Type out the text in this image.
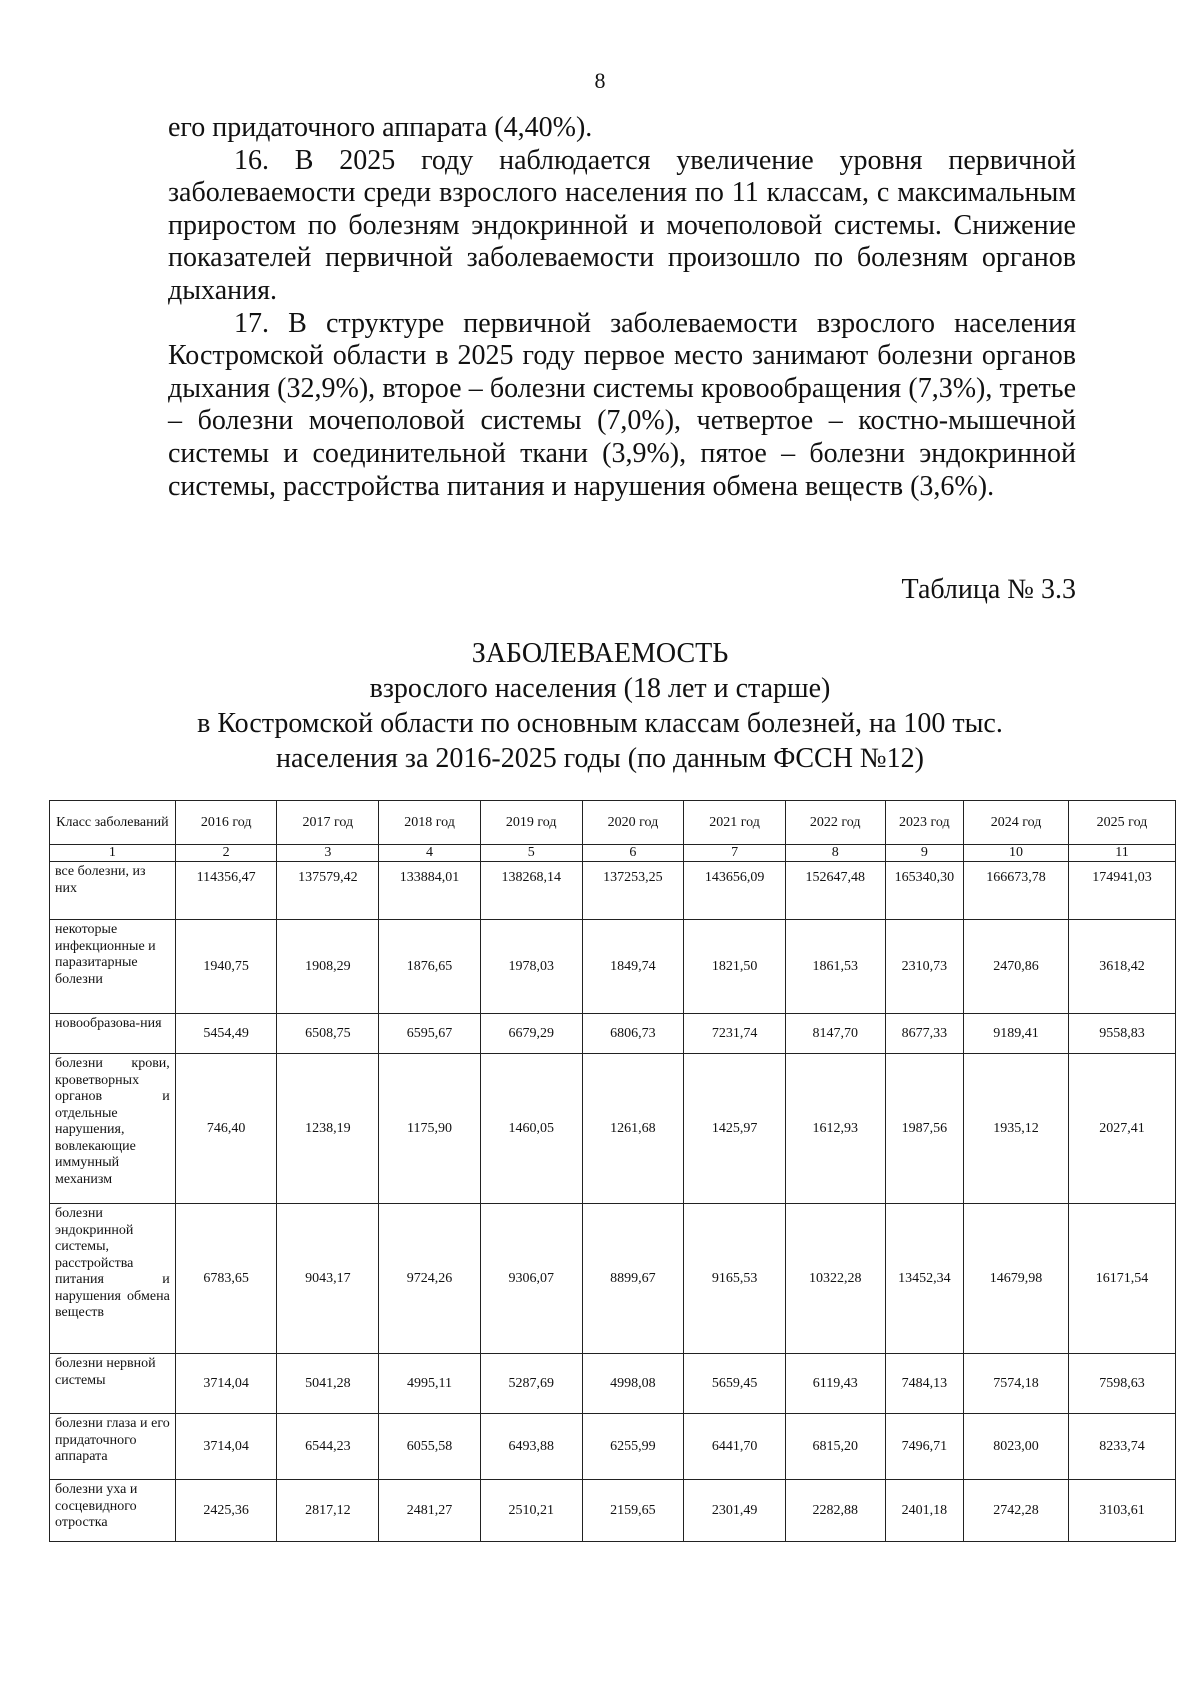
8

его придаточного аппарата (4,40%).

16. В 2025 году наблюдается увеличение уровня первичной заболеваемости среди взрослого населения по 11 классам, с максимальным приростом по болезням эндокринной и мочеполовой системы. Снижение показателей первичной заболеваемости произошло по болезням органов дыхания.

17. В структуре первичной заболеваемости взрослого населения Костромской области в 2025 году первое место занимают болезни органов дыхания (32,9%), второе – болезни системы кровообращения (7,3%), третье – болезни мочеполовой системы (7,0%), четвертое – костно-мышечной системы и соединительной ткани (3,9%), пятое – болезни эндокринной системы, расстройства питания и нарушения обмена веществ (3,6%).

Таблица № 3.3
ЗАБОЛЕВАЕМОСТЬ
взрослого населения (18 лет и старше)
в Костромской области по основным классам болезней, на 100 тыс.
населения за 2016-2025 годы (по данным ФССН №12)
Класс заболеваний	2016 год	2017 год	2018 год	2019 год	2020 год	2021 год	2022 год	2023 год	2024 год	2025 год
1	2	3	4	5	6	7	8	9	10	11
все болезни, из них	114356,47	137579,42	133884,01	138268,14	137253,25	143656,09	152647,48	165340,30	166673,78	174941,03
некоторые инфекционные и паразитарные болезни	1940,75	1908,29	1876,65	1978,03	1849,74	1821,50	1861,53	2310,73	2470,86	3618,42
новообразова-ния	5454,49	6508,75	6595,67	6679,29	6806,73	7231,74	8147,70	8677,33	9189,41	9558,83
болезни крови, кроветворных органов и отдельные нарушения, вовлекающие иммунный механизм	746,40	1238,19	1175,90	1460,05	1261,68	1425,97	1612,93	1987,56	1935,12	2027,41
болезни эндокринной системы, расстройства питания и нарушения обмена веществ	6783,65	9043,17	9724,26	9306,07	8899,67	9165,53	10322,28	13452,34	14679,98	16171,54
болезни нервной системы	3714,04	5041,28	4995,11	5287,69	4998,08	5659,45	6119,43	7484,13	7574,18	7598,63
болезни глаза и его придаточного аппарата	3714,04	6544,23	6055,58	6493,88	6255,99	6441,70	6815,20	7496,71	8023,00	8233,74
болезни уха и сосцевидного отростка	2425,36	2817,12	2481,27	2510,21	2159,65	2301,49	2282,88	2401,18	2742,28	3103,61
